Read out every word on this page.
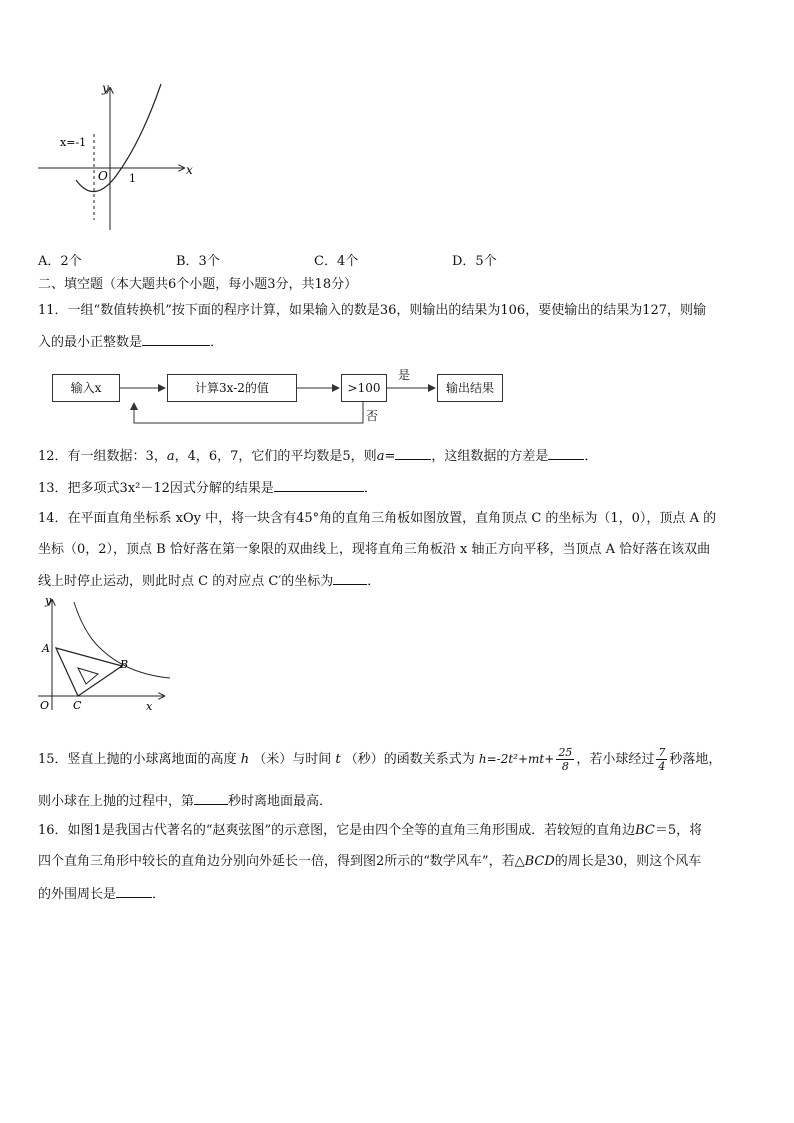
y
x
O
x=-1
1
A．2个	B．3个	C．4个	D．5个
二、填空题（本大题共6个小题，每小题3分，共18分）
11．一组“数值转换机”按下面的程序计算，如果输入的数是36，则输出的结果为106，要使输出的结果为127，则输
入的最小正整数是	．
输入x	计算3x-2的值	>100	输出结果
是
否
12．有一组数据：3，a，4，6，7，它们的平均数是5，则a=	，这组数据的方差是	．
13．把多项式3x²－12因式分解的结果是	．
14．在平面直角坐标系 xOy 中，将一块含有45°角的直角三角板如图放置，直角顶点 C 的坐标为（1，0），顶点 A 的
坐标（0，2），顶点 B 恰好落在第一象限的双曲线上，现将直角三角板沿 x 轴正方向平移，当顶点 A 恰好落在该双曲
线上时停止运动，则此时点 C 的对应点 C′的坐标为	．
y
x
O
A
B
C
15．竖直上抛的小球离地面的高度 h （米）与时间 t （秒）的函数关系式为 $h=-2t^2+mt+ \frac{25}{8}$ ，若小球经过 $\frac{7}{4}$ 秒落地，
则小球在上抛的过程中，第	秒时离地面最高．
16．如图1是我国古代著名的“赵爽弦图”的示意图，它是由四个全等的直角三角形围成．若较短的直角边BC＝5，将
四个直角三角形中较长的直角边分别向外延长一倍，得到图2所示的“数学风车”，若△BCD的周长是30，则这个风车
的外围周长是	．
